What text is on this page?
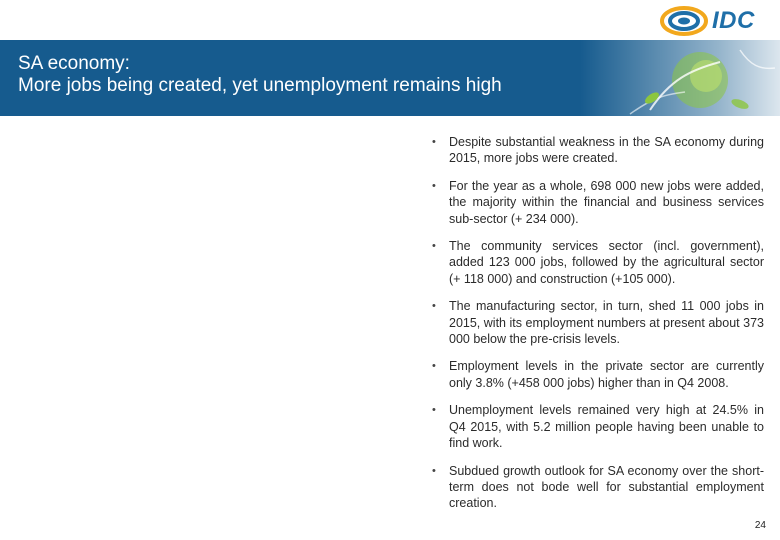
IDC
SA economy:
More jobs being created, yet unemployment remains high
• Despite substantial weakness in the SA economy during 2015, more jobs were created.
• For the year as a whole, 698 000 new jobs were added, the majority within the financial and business services sub-sector (+ 234 000).
• The community services sector (incl. government), added 123 000 jobs, followed by the agricultural sector (+ 118 000) and construction (+105 000).
• The manufacturing sector, in turn, shed 11 000 jobs in 2015, with its employment numbers at present about 373 000 below the pre-crisis levels.
• Employment levels in the private sector are currently only 3.8% (+458 000 jobs) higher than in Q4 2008.
• Unemployment levels remained very high at 24.5% in Q4 2015, with 5.2 million people having been unable to find work.
• Subdued growth outlook for SA economy over the short-term does not bode well for substantial employment creation.
24
